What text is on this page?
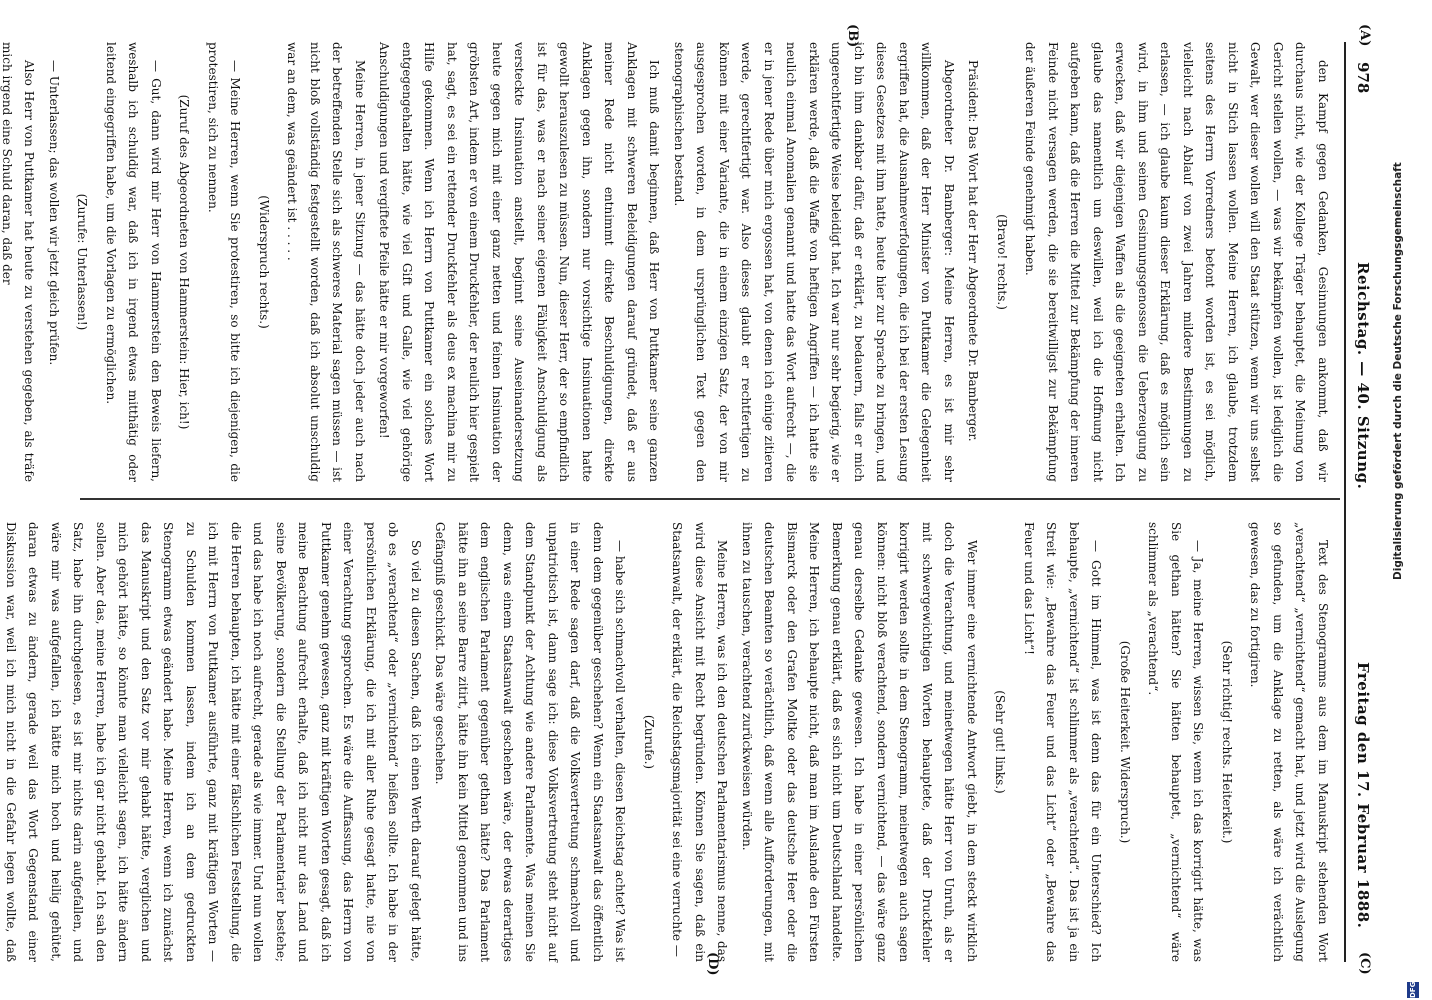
978
Reichstag. — 40. Sitzung.
Freitag den 17. Februar 1888.
(A)
(B)
(C)
(D)

den Kampf gegen Gedanken, Gesinnungen ankommt, daß wir durchaus nicht, wie der Kollege Träger behauptet, die Meinung von Gericht stellen wollen, — was wir bekämpfen wollen, ist lediglich die Gewalt, wer dieser wollen will den Staat stützen, wenn wir uns selbst nicht in Stich lassen wollen. Meine Herren, ich glaube, trotzdem seitens des Herrn Vorredners betont worden ist, es sei möglich, vielleicht nach Ablauf von zwei Jahren mildere Bestimmungen zu erlassen, — ich glaube kaum dieser Erklärung, daß es möglich sein wird, in ihm und seinen Gesinnungsgenossen die Ueberzeugung zu erwecken, daß wir diejenigen Waffen als die geeigneten erhalten. Ich glaube das namentlich um deswillen, weil ich die Hoffnung nicht aufgeben kann, daß die Herren die Mittel zur Bekämpfung der inneren Feinde nicht versagen werden, die sie bereitwilligst zur Bekämpfung der äußeren Feinde genehmigt haben.

(Bravo! rechts.)

Präsident: Das Wort hat der Herr Abgeordnete Dr. Bamberger.

Abgeordneter Dr. Bamberger: Meine Herren, es ist mir sehr willkommen, daß der Herr Minister von Puttkamer die Gelegenheit ergriffen hat, die Ausnahmeverfolgungen, die ich bei der ersten Lesung dieses Gesetzes mit ihm hatte, heute hier zur Sprache zu bringen, und ich bin ihm dankbar dafür, daß er erklärt, zu bedauern, falls er mich ungerechtfertigte Weise beleidigt hat. Ich war nur sehr begierig, wie er erklären werde, daß die Waffe von heftigen Angriffen — ich hatte sie neulich einmal Anomalien genannt und hatte das Wort aufrecht —, die er in jener Rede über mich ergossen hat, von denen ich einige zitieren werde, gerechtfertigt war. Also dieses glaubt er rechtfertigen zu können mit einer Variante, die in einem einzigen Satz, der von mir ausgesprochen worden, in dem ursprünglichen Text gegen den stenographischen bestand.

Ich muß damit beginnen, daß Herr von Puttkamer seine ganzen Anklagen mit schweren Beleidigungen darauf gründet, daß er aus meiner Rede nicht entnimmt direkte Beschuldigungen, direkte Anklagen gegen ihn, sondern nur vorsichtige Insinuationen hatte gewollt herauszulesen zu müssen. Nun, dieser Herr, der so empfindlich ist für das, was er nach seiner eigenen Fähigkeit Anschuldigung als versteckte Insinuation anstellt, beginnt seine Auseinandersetzung heute gegen mich mit einer ganz netten und feinen Insinuation der gröbsten Art, indem er von einem Druckfehler, der neulich hier gespielt hat, sagt, es sei ein rettender Druckfehler als deus ex machina mir zu Hilfe gekommen. Wenn ich Herrn von Puttkamer ein solches Wort entgegengehalten hätte, wie viel Gift und Galle, wie viel gehörige Anschuldigungen und vergiftete Pfeile hätte er mir vorgeworfen!

Meine Herren, in jener Sitzung — das hätte doch jeder auch nach der betreffenden Stelle sich als schweres Material sagen müssen — ist nicht bloß vollständig festgestellt worden, daß ich absolut unschuldig war an dem, was geändert ist . . . . .

(Widerspruch rechts.)

— Meine Herren, wenn Sie protestiren, so bitte ich diejenigen, die protestiren, sich zu nennen.

(Zuruf des Abgeordneten von Hammerstein: Hier, ich!)

— Gut, dann wird mir Herr von Hammerstein den Beweis liefern, weshalb ich schuldig war, daß ich in irgend etwas mitthätig oder leitend eingegriffen habe, um die Vorlagen zu ermöglichen.

(Zurufe: Unterlassen!)

— Unterlassen; das wollen wir jetzt gleich prüfen.

Also Herr von Puttkamer hat heute zu verstehen gegeben, als träfe mich irgend eine Schuld daran, daß der

Text des Stenogramms aus dem im Manuskript stehenden Wort „verachtend“ „vernichtend“ gemacht hat, und jetzt wird die Auslegung so gefunden, um die Anklage zu retten, als wäre ich verächtlich gewesen, das zu fortigiren.

(Sehr richtig! rechts. Heiterkeit.)

— Ja, meine Herren, wissen Sie, wenn ich das korrigirt hätte, was Sie gethan hätten? Sie hätten behauptet, „vernichtend“ wäre schlimmer als „verachtend“.

(Große Heiterkeit. Widerspruch.)

— Gott im Himmel, was ist denn das für ein Unterschied? Ich behaupte, „vernichtend“ ist schlimmer als „verachtend“. Das ist ja ein Streit wie: „Bewahre das Feuer und das Licht“ oder „Bewahre das Feuer und das Licht“!

(Sehr gut! links.)

Wer immer eine vernichtende Antwort giebt, in dem steckt wirklich doch die Verachtung, und meinetwegen hätte Herr von Unruh, als er mit schwergewichtigen Worten behauptete, daß der Druckfehler korrigirt werden sollte in dem Stenogramm, meinetwegen auch sagen können: nicht bloß verachtend, sondern vernichtend, — das wäre ganz genau derselbe Gedanke gewesen. Ich habe in einer persönlichen Bemerkung genau erklärt, daß es sich nicht um Deutschland handelte. Meine Herren, ich behaupte nicht, daß man im Auslande den Fürsten Bismarck oder den Grafen Moltke oder das deutsche Heer oder die deutschen Beamten so verächtlich, daß wenn alle Aufforderungen, mit ihnen zu tauschen, verachtend zurückweisen würden.

Meine Herren, was ich den deutschen Parlamentarismus nenne, das wird diese Ansicht mit Recht begründen. Können Sie sagen, daß ein Staatsanwalt, der erklärt, die Reichstagsmajorität sei eine verruchte —

(Zurufe.)

— habe sich schmachvoll verhalten, diesen Reichstag achtet? Was ist denn dem gegenüber geschehen? Wenn ein Staatsanwalt das öffentlich in einer Rede sagen darf, daß die Volksvertretung schmachvoll und unpatriotisch ist, dann sage ich: diese Volksvertretung steht nicht auf dem Standpunkt der Achtung wie andere Parlamente. Was meinen Sie denn, was einem Staatsanwalt geschehen wäre, der etwas derartiges dem englischen Parlament gegenüber gethan hätte? Das Parlament hätte ihn an seine Barre zitirt, hätte ihn kein Mittel genommen und ins Gefängniß geschickt. Das wäre geschehen.

So viel zu diesen Sachen, daß ich einen Werth darauf gelegt hätte, ob es „verachtend“ oder „vernichtend“ heißen sollte. Ich habe in der persönlichen Erklärung, die ich mit aller Ruhe gesagt hatte, nie von einer Verachtung gesprochen. Es wäre die Auffassung, das Herrn von Puttkamer genehm gewesen, ganz mit kräftigen Worten gesagt, daß ich meine Beachtung aufrecht erhalte, daß ich nicht nur das Land und seine Bevölkerung, sondern die Stellung der Parlamentarier bestehe; und das habe ich noch aufrecht, gerade als wie immer. Und nun wollen die Herren behaupten, ich hätte mit einer fälschlichen Feststellung, die ich mit Herrn von Puttkamer ausführte, ganz mit kräftigen Worten — zu Schulden kommen lassen, indem ich an dem gedruckten Stenogramm etwas geändert habe. Meine Herren, wenn ich zunächst das Manuskript und den Satz vor mir gehabt hätte, verglichen und mich gehört hätte, so könnte man vielleicht sagen, ich hätte ändern sollen. Aber das, meine Herren, habe ich gar nicht gehabt. Ich sah den Satz, habe ihn durchgelesen, es ist mir nichts darin aufgefallen, und wäre mir was aufgefallen, ich hätte mich hoch und heilig gehütet, daran etwas zu ändern, gerade weil das Wort Gegenstand einer Diskussion war, weil ich mich nicht in die Gefahr legen wollte, daß

Digitalisierung gefördert durch die Deutsche Forschungsgemeinschaft
DFG
